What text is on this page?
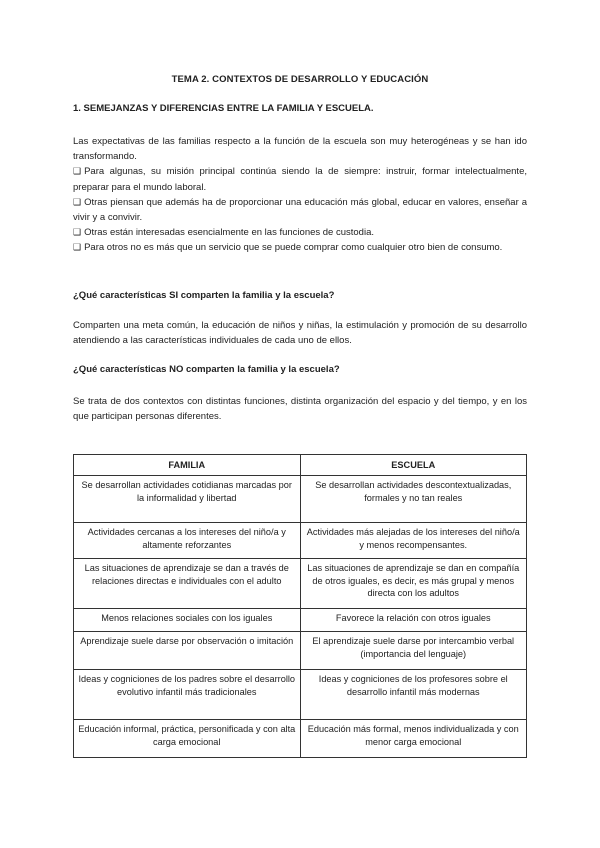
TEMA 2. CONTEXTOS DE DESARROLLO Y EDUCACIÓN
1. SEMEJANZAS Y DIFERENCIAS ENTRE LA FAMILIA Y ESCUELA.

Las expectativas de las familias respecto a la función de la escuela son muy heterogéneas y se han ido transformando.

❑ Para algunas, su misión principal continúa siendo la de siempre: instruir, formar intelectualmente, preparar para el mundo laboral.

❑ Otras piensan que además ha de proporcionar una educación más global, educar en valores, enseñar a vivir y a convivir.

❑ Otras están interesadas esencialmente en las funciones de custodia.

❑ Para otros no es más que un servicio que se puede comprar como cualquier otro bien de consumo.

¿Qué características SI comparten la familia y la escuela?

Comparten una meta común, la educación de niños y niñas, la estimulación y promoción de su desarrollo atendiendo a las características individuales de cada uno de ellos.

¿Qué características NO comparten la familia y la escuela?

Se trata de dos contextos con distintas funciones, distinta organización del espacio y del tiempo, y en los que participan personas diferentes.

FAMILIA	ESCUELA
Se desarrollan actividades cotidianas marcadas por la informalidad y libertad	Se desarrollan actividades descontextualizadas, formales y no tan reales
Actividades cercanas a los intereses del niño/a y altamente reforzantes	Actividades más alejadas de los intereses del niño/a y menos recompensantes.
Las situaciones de aprendizaje se dan a través de relaciones directas e individuales con el adulto	Las situaciones de aprendizaje se dan en compañía de otros iguales, es decir, es más grupal y menos directa con los adultos
Menos relaciones sociales con los iguales	Favorece la relación con otros iguales
Aprendizaje suele darse por observación o imitación	El aprendizaje suele darse por intercambio verbal (importancia del lenguaje)
Ideas y cogniciones de los padres sobre el desarrollo evolutivo infantil más tradicionales	Ideas y cogniciones de los profesores sobre el desarrollo infantil más modernas
Educación informal, práctica, personificada y con alta carga emocional	Educación más formal, menos individualizada y con menor carga emocional
